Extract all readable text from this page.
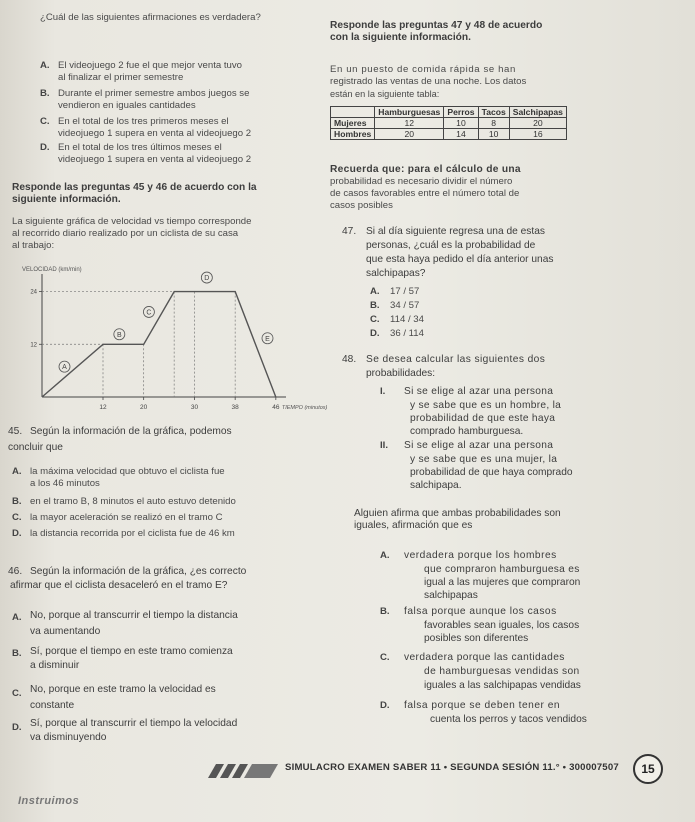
¿Cuál de las siguientes afirmaciones es verdadera?
A. El videojuego 2 fue el que mejor venta tuvo
al finalizar el primer semestre
B. Durante el primer semestre ambos juegos se
vendieron en iguales cantidades
C. En el total de los tres primeros meses el
videojuego 1 supera en venta al videojuego 2
D. En el total de los tres últimos meses el
videojuego 1 supera en venta al videojuego 2
Responde las preguntas 45 y 46 de acuerdo con la
siguiente información.
La siguiente gráfica de velocidad vs tiempo corresponde
al recorrido diario realizado por un ciclista de su casa
al trabajo:
VELOCIDAD (km/min)
12	20	30	38	46
12
24
A
B
C
D
E
TIEMPO (minutos)
45. Según la información de la gráfica, podemos
concluir que
A. la máxima velocidad que obtuvo el ciclista fue
a los 46 minutos
B. en el tramo B, 8 minutos el auto estuvo detenido
C. la mayor aceleración se realizó en el tramo C
D. la distancia recorrida por el ciclista fue de 46 km
46. Según la información de la gráfica, ¿es correcto
afirmar que el ciclista desaceleró en el tramo E?
A. No, porque al transcurrir el tiempo la distancia
va aumentando
B. Sí, porque el tiempo en este tramo comienza
a disminuir
C. No, porque en este tramo la velocidad es
constante
D. Sí, porque al transcurrir el tiempo la velocidad
va disminuyendo
Responde las preguntas 47 y 48 de acuerdo
con la siguiente información.
En un puesto de comida rápida se han
registrado las ventas de una noche. Los datos
están en la siguiente tabla:
	Hamburguesas	Perros	Tacos	Salchipapas
Mujeres	12	10	8	20
Hombres	20	14	10	16
Recuerda que: para el cálculo de una
probabilidad es necesario dividir el número
de casos favorables entre el número total de
casos posibles
47. Si al día siguiente regresa una de estas
personas, ¿cuál es la probabilidad de
que esta haya pedido el día anterior unas
salchipapas?
A. 17 / 57
B. 34 / 57
C. 114 / 34
D. 36 / 114
48. Se desea calcular las siguientes dos
probabilidades:
I. Si se elige al azar una persona
y se sabe que es un hombre, la
probabilidad de que este haya
comprado hamburguesa.
II. Si se elige al azar una persona
y se sabe que es una mujer, la
probabilidad de que haya comprado
salchipapa.
Alguien afirma que ambas probabilidades son
iguales, afirmación que es
A. verdadera porque los hombres
que compraron hamburguesa es
igual a las mujeres que compraron
salchipapas
B. falsa porque aunque los casos
favorables sean iguales, los casos
posibles son diferentes
C. verdadera porque las cantidades
de hamburguesas vendidas son
iguales a las salchipapas vendidas
D. falsa porque se deben tener en
cuenta los perros y tacos vendidos
SIMULACRO EXAMEN SABER 11 • SEGUNDA SESIÓN 11.° • 300007507	15
Instruimos
